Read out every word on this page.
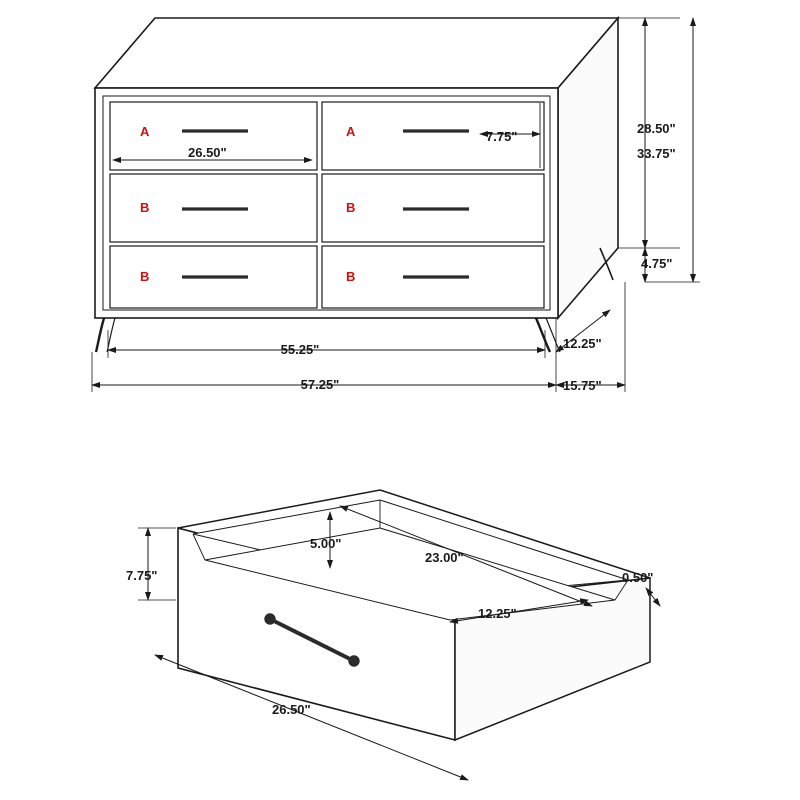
A	A
B	B
B	B
26.50"
7.75"
28.50"
33.75"
4.75"
55.25"
57.25"
12.25"
15.75"
5.00"
7.75"
23.00"
12.25"
0.50"
26.50"
